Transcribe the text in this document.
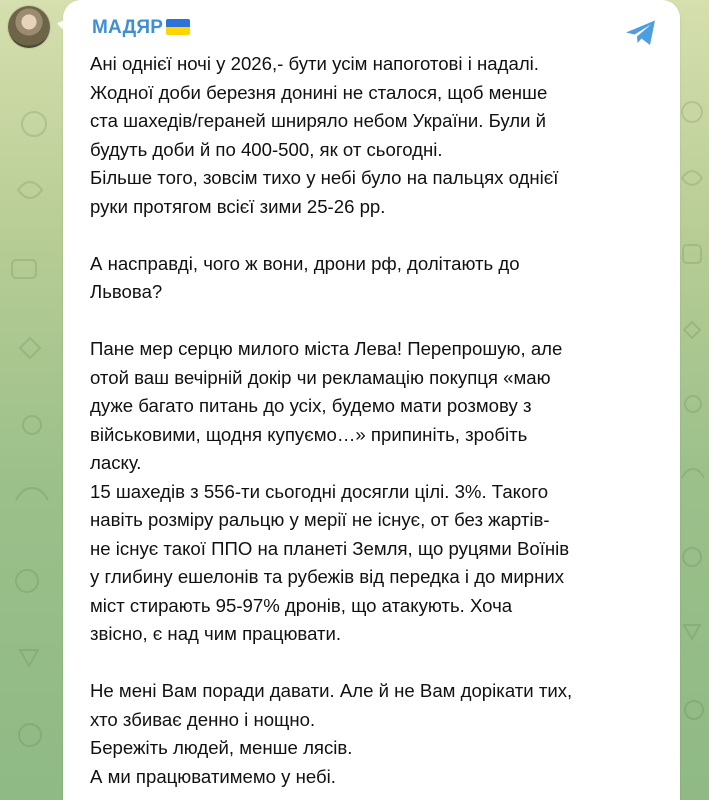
МАДЯР
Ані однієї ночі у 2026,- бути усім напоготові і надалі.
Жодної доби березня донині не сталося, щоб менше
ста шахедів/гераней шниряло небом України. Були й
будуть доби й по 400-500, як от сьогодні.
Більше того, зовсім тихо у небі було на пальцях однієї
руки протягом всієї зими 25-26 рр.
А насправді, чого ж вони, дрони рф, долітають до
Львова?
Пане мер серцю милого міста Лева! Перепрошую, але
отой ваш вечірній докір чи рекламацію покупця «маю
дуже багато питань до усіх, будемо мати розмову з
військовими, щодня купуємо…» припиніть, зробіть
ласку.
15 шахедів з 556-ти сьогодні досягли цілі. 3%. Такого
навіть розміру ральцю у мерії не існує, от без жартів-
не існує такої ППО на планеті Земля, що руцями Воїнів
у глибину ешелонів та рубежів від передка і до мирних
міст стирають 95-97% дронів, що атакують. Хоча
звісно, є над чим працювати.
Не мені Вам поради давати. Але й не Вам дорікати тих,
хто збиває денно і нощно.
Бережіть людей, менше лясів.
А ми працюватимемо у небі.
